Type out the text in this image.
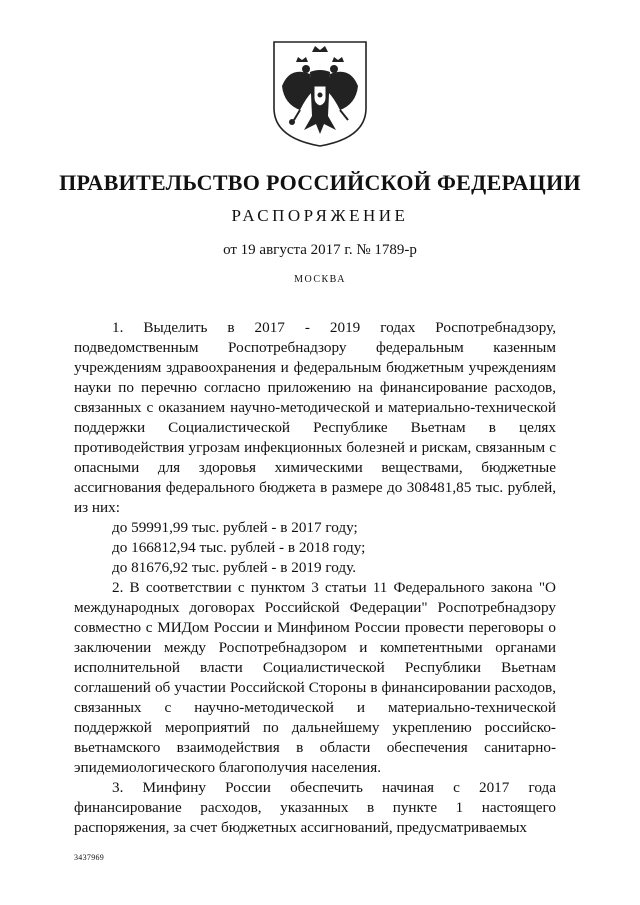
ПРАВИТЕЛЬСТВО РОССИЙСКОЙ ФЕДЕРАЦИИ
РАСПОРЯЖЕНИЕ
от 19 августа 2017 г. № 1789-р
МОСКВА

1. Выделить в 2017 - 2019 годах Роспотребнадзору, подведомственным Роспотребнадзору федеральным казенным учреждениям здравоохранения и федеральным бюджетным учреждениям науки по перечню согласно приложению на финансирование расходов, связанных с оказанием научно-методической и материально-технической поддержки Социалистической Республике Вьетнам в целях противодействия угрозам инфекционных болезней и рискам, связанным с опасными для здоровья химическими веществами, бюджетные ассигнования федерального бюджета в размере до 308481,85 тыс. рублей, из них:

до 59991,99 тыс. рублей - в 2017 году;

до 166812,94 тыс. рублей - в 2018 году;

до 81676,92 тыс. рублей - в 2019 году.

2. В соответствии с пунктом 3 статьи 11 Федерального закона "О международных договорах Российской Федерации" Роспотребнадзору совместно с МИДом России и Минфином России провести переговоры о заключении между Роспотребнадзором и компетентными органами исполнительной власти Социалистической Республики Вьетнам соглашений об участии Российской Стороны в финансировании расходов, связанных с научно-методической и материально-технической поддержкой мероприятий по дальнейшему укреплению российско-вьетнамского взаимодействия в области обеспечения санитарно-эпидемиологического благополучия населения.

3. Минфину России обеспечить начиная с 2017 года финансирование расходов, указанных в пункте 1 настоящего распоряжения, за счет бюджетных ассигнований, предусматриваемых

3437969
